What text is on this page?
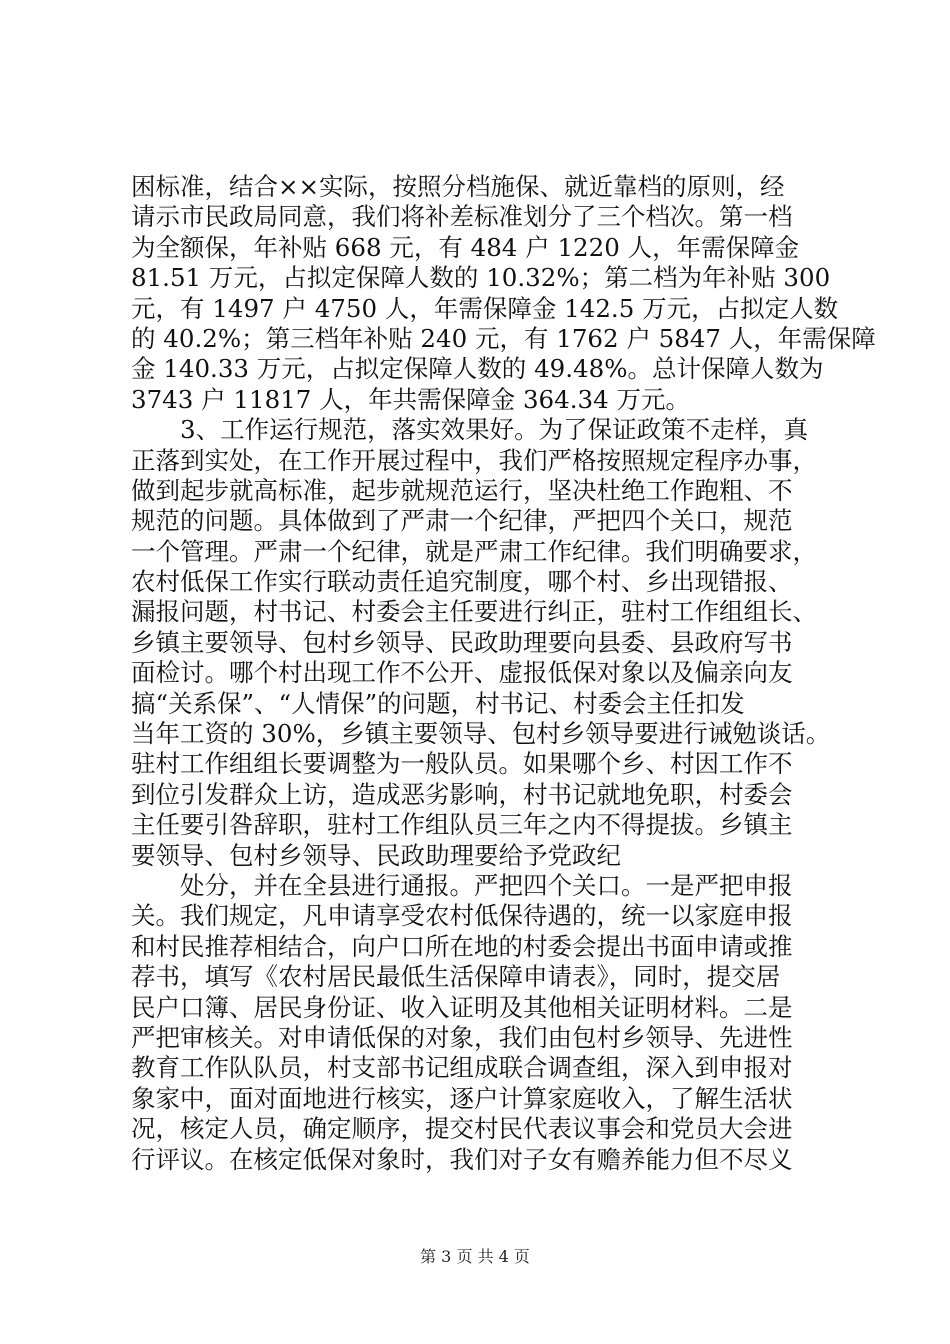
困标准，结合××实际，按照分档施保、就近靠档的原则，经
请示市民政局同意，我们将补差标准划分了三个档次。第一档
为全额保，年补贴 668 元，有 484 户 1220 人，年需保障金
81.51 万元，占拟定保障人数的 10.32%；第二档为年补贴 300
元，有 1497 户 4750 人，年需保障金 142.5 万元，占拟定人数
的 40.2%；第三档年补贴 240 元，有 1762 户 5847 人，年需保障
金 140.33 万元，占拟定保障人数的 49.48%。总计保障人数为
3743 户 11817 人，年共需保障金 364.34 万元。
3、工作运行规范，落实效果好。为了保证政策不走样，真
正落到实处，在工作开展过程中，我们严格按照规定程序办事，
做到起步就高标准，起步就规范运行，坚决杜绝工作跑粗、不
规范的问题。具体做到了严肃一个纪律，严把四个关口，规范
一个管理。严肃一个纪律，就是严肃工作纪律。我们明确要求，
农村低保工作实行联动责任追究制度，哪个村、乡出现错报、
漏报问题，村书记、村委会主任要进行纠正，驻村工作组组长、
乡镇主要领导、包村乡领导、民政助理要向县委、县政府写书
面检讨。哪个村出现工作不公开、虚报低保对象以及偏亲向友
搞“关系保”、“人情保”的问题，村书记、村委会主任扣发
当年工资的 30%，乡镇主要领导、包村乡领导要进行诫勉谈话。
驻村工作组组长要调整为一般队员。如果哪个乡、村因工作不
到位引发群众上访，造成恶劣影响，村书记就地免职，村委会
主任要引咎辞职，驻村工作组队员三年之内不得提拔。乡镇主
要领导、包村乡领导、民政助理要给予党政纪
处分，并在全县进行通报。严把四个关口。一是严把申报
关。我们规定，凡申请享受农村低保待遇的，统一以家庭申报
和村民推荐相结合，向户口所在地的村委会提出书面申请或推
荐书，填写《农村居民最低生活保障申请表》，同时，提交居
民户口簿、居民身份证、收入证明及其他相关证明材料。二是
严把审核关。对申请低保的对象，我们由包村乡领导、先进性
教育工作队队员，村支部书记组成联合调查组，深入到申报对
象家中，面对面地进行核实，逐户计算家庭收入，了解生活状
况，核定人员，确定顺序，提交村民代表议事会和党员大会进
行评议。在核定低保对象时，我们对子女有赡养能力但不尽义
第 3 页 共 4 页
